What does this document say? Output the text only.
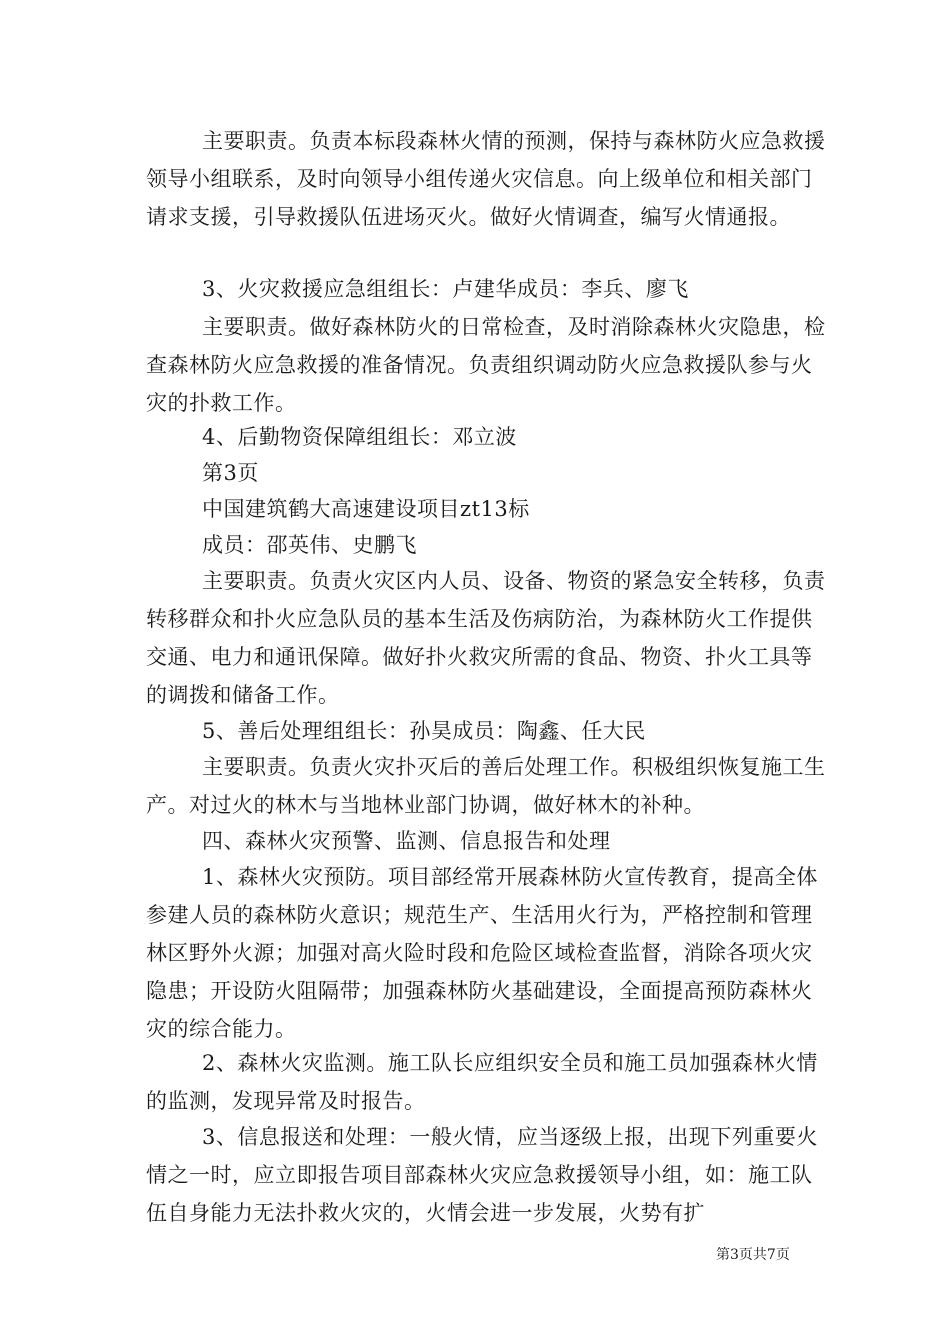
主要职责。负责本标段森林火情的预测，保持与森林防火应急救援领导小组联系，及时向领导小组传递火灾信息。向上级单位和相关部门请求支援，引导救援队伍进场灭火。做好火情调查，编写火情通报。

3、火灾救援应急组组长：卢建华成员：李兵、廖飞

主要职责。做好森林防火的日常检查，及时消除森林火灾隐患，检查森林防火应急救援的准备情况。负责组织调动防火应急救援队参与火灾的扑救工作。

4、后勤物资保障组组长：邓立波

第3页

中国建筑鹤大高速建设项目zt13标

成员：邵英伟、史鹏飞

主要职责。负责火灾区内人员、设备、物资的紧急安全转移，负责转移群众和扑火应急队员的基本生活及伤病防治，为森林防火工作提供交通、电力和通讯保障。做好扑火救灾所需的食品、物资、扑火工具等的调拨和储备工作。

5、善后处理组组长：孙昊成员：陶鑫、任大民

主要职责。负责火灾扑灭后的善后处理工作。积极组织恢复施工生产。对过火的林木与当地林业部门协调，做好林木的补种。

四、森林火灾预警、监测、信息报告和处理

1、森林火灾预防。项目部经常开展森林防火宣传教育，提高全体参建人员的森林防火意识；规范生产、生活用火行为，严格控制和管理林区野外火源；加强对高火险时段和危险区域检查监督，消除各项火灾隐患；开设防火阻隔带；加强森林防火基础建设，全面提高预防森林火灾的综合能力。

2、森林火灾监测。施工队长应组织安全员和施工员加强森林火情的监测，发现异常及时报告。

3、信息报送和处理：一般火情，应当逐级上报，出现下列重要火情之一时，应立即报告项目部森林火灾应急救援领导小组，如：施工队伍自身能力无法扑救火灾的，火情会进一步发展，火势有扩

第3页共7页
